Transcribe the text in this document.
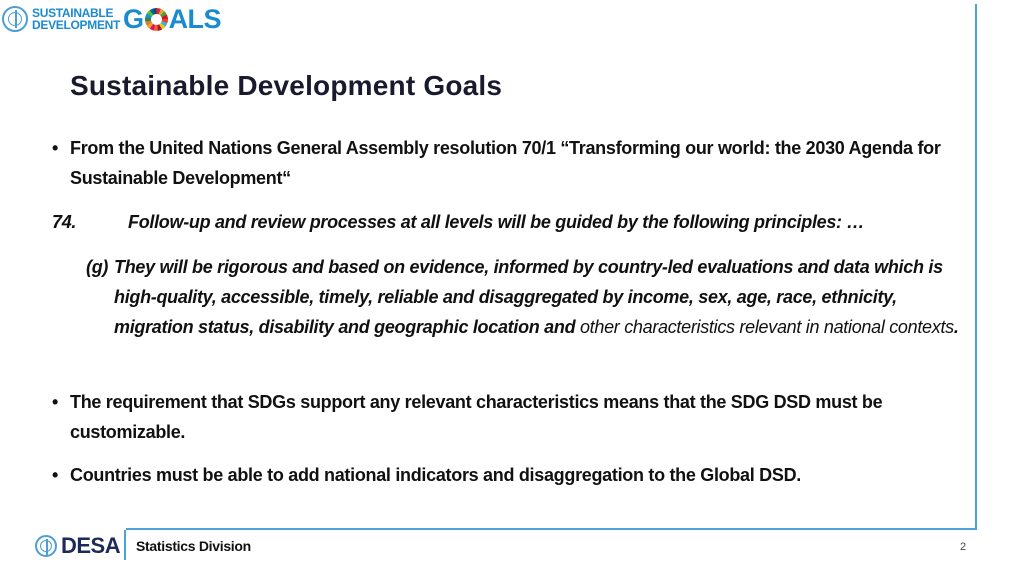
SUSTAINABLE
DEVELOPMENT G ALS
Sustainable Development Goals
• From the United Nations General Assembly resolution 70/1 “Transforming our world: the 2030 Agenda for Sustainable Development“
74.	Follow-up and review processes at all levels will be guided by the following principles: …
(g) They will be rigorous and based on evidence, informed by country-led evaluations and data which is high-quality, accessible, timely, reliable and disaggregated by income, sex, age, race, ethnicity, migration status, disability and geographic location and other characteristics relevant in national contexts.
• The requirement that SDGs support any relevant characteristics means that the SDG DSD must be customizable.
• Countries must be able to add national indicators and disaggregation to the Global DSD.
DESA Statistics Division	2
